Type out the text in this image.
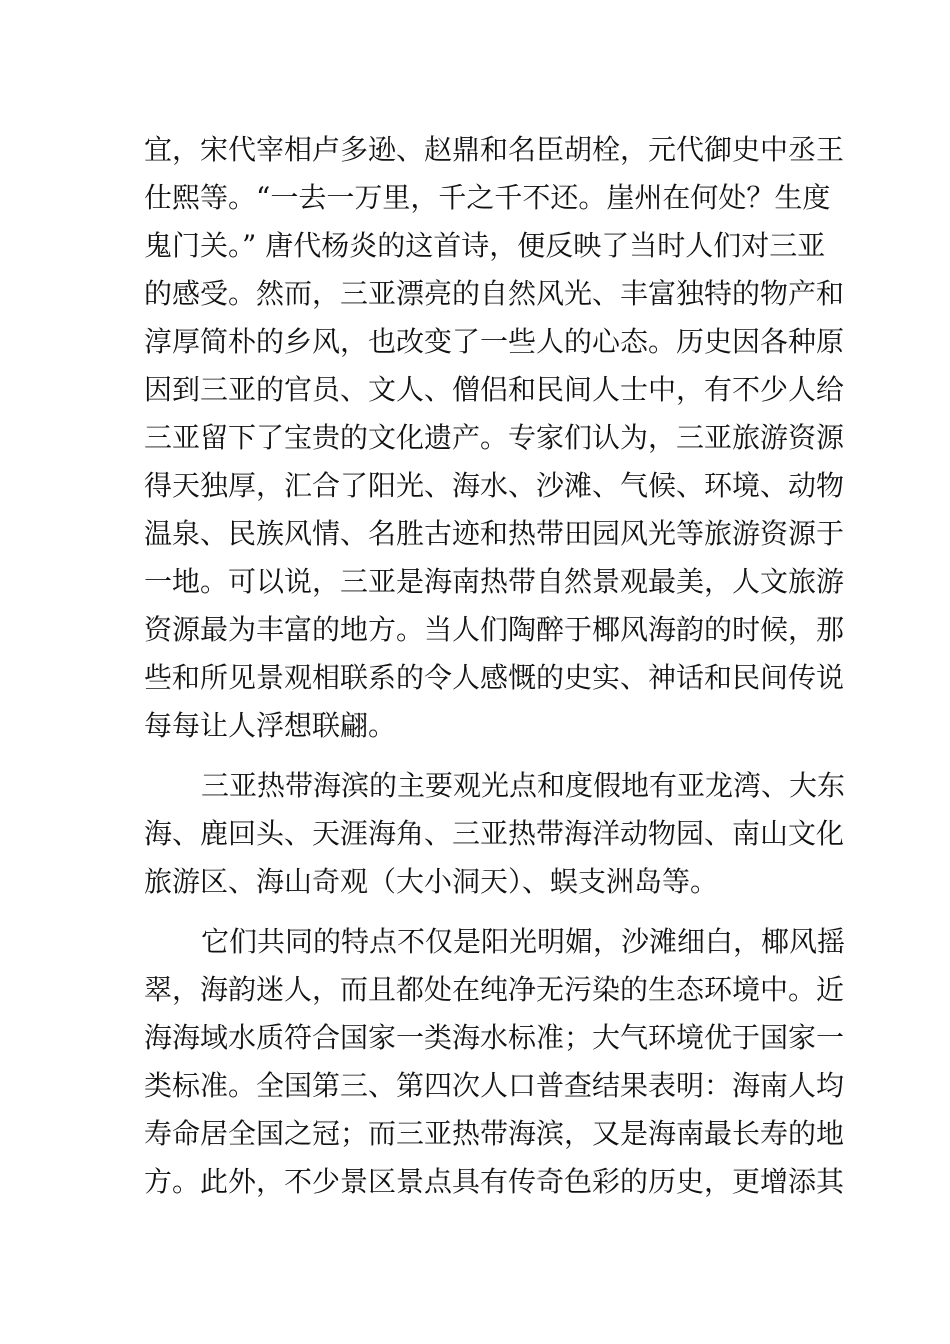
宜，宋代宰相卢多逊、赵鼎和名臣胡栓，元代御史中丞王
仕熙等。“一去一万里，千之千不还。崖州在何处？生度
鬼门关。” 唐代杨炎的这首诗，便反映了当时人们对三亚
的感受。然而，三亚漂亮的自然风光、丰富独特的物产和
淳厚简朴的乡风，也改变了一些人的心态。历史因各种原
因到三亚的官员、文人、僧侣和民间人士中，有不少人给
三亚留下了宝贵的文化遗产。专家们认为，三亚旅游资源
得天独厚，汇合了阳光、海水、沙滩、气候、环境、动物
温泉、民族风情、名胜古迹和热带田园风光等旅游资源于
一地。可以说，三亚是海南热带自然景观最美，人文旅游
资源最为丰富的地方。当人们陶醉于椰风海韵的时候，那
些和所见景观相联系的令人感慨的史实、神话和民间传说
每每让人浮想联翩。
三亚热带海滨的主要观光点和度假地有亚龙湾、大东
海、鹿回头、天涯海角、三亚热带海洋动物园、南山文化
旅游区、海山奇观（大小洞天）、蜈支洲岛等。
它们共同的特点不仅是阳光明媚，沙滩细白，椰风摇
翠，海韵迷人，而且都处在纯净无污染的生态环境中。近
海海域水质符合国家一类海水标准；大气环境优于国家一
类标准。全国第三、第四次人口普查结果表明：海南人均
寿命居全国之冠；而三亚热带海滨，又是海南最长寿的地
方。此外，不少景区景点具有传奇色彩的历史，更增添其
